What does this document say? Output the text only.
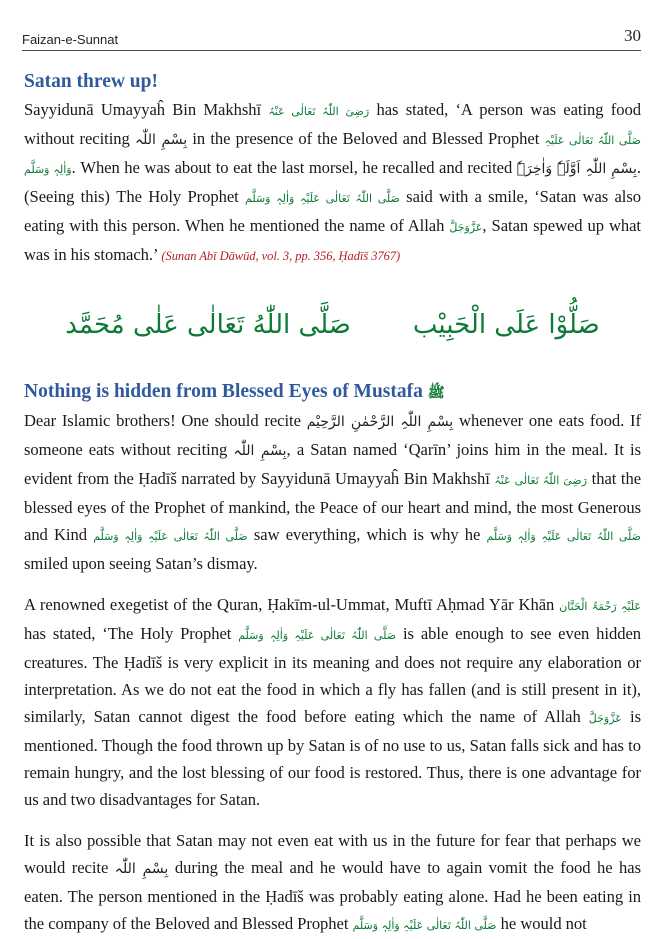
Faizan-e-Sunnat	30
Satan threw up!

Sayyidunā Umayyaĥ Bin Makhshī رَضِیَ اللّٰہُ تَعَالٰی عَنْہُ has stated, ‘A person was eating food without reciting بِسْمِ اللّٰہ in the presence of the Beloved and Blessed Prophet صَلَّی اللّٰہُ تَعَالٰی عَلَیْہِ وَاٰلِہٖ وَسَلَّم. When he was about to eat the last morsel, he recalled and recited بِسْمِ اللّٰہِ اَوَّلَہٗ وَاٰخِرَہٗ. (Seeing this) The Holy Prophet صَلَّی اللّٰہُ تَعَالٰی عَلَیْہِ وَاٰلِہٖ وَسَلَّم said with a smile, ‘Satan was also eating with this person. When he mentioned the name of Allah عَزَّوَجَلَّ, Satan spewed up what was in his stomach.’ (Sunan Abī Dāwūd, vol. 3, pp. 356, Ḥadīš 3767)

صَلُّوْا عَلَى الْحَبِيْب
صَلَّى اللّٰهُ تَعَالٰى عَلٰى مُحَمَّد
Nothing is hidden from Blessed Eyes of Mustafa ﷺ

Dear Islamic brothers! One should recite بِسْمِ اللّٰہِ الرَّحْمٰنِ الرَّحِیْم whenever one eats food. If someone eats without reciting بِسْمِ اللّٰہ, a Satan named ‘Qarīn’ joins him in the meal. It is evident from the Ḥadīš narrated by Sayyidunā Umayyaĥ Bin Makhshī رَضِیَ اللّٰہُ تَعَالٰی عَنْہُ that the blessed eyes of the Prophet of mankind, the Peace of our heart and mind, the most Generous and Kind صَلَّی اللّٰہُ تَعَالٰی عَلَیْہِ وَاٰلِہٖ وَسَلَّم saw everything, which is why he صَلَّی اللّٰہُ تَعَالٰی عَلَیْہِ وَاٰلِہٖ وَسَلَّم smiled upon seeing Satan’s dismay.

A renowned exegetist of the Quran, Ḥakīm-ul-Ummat, Muftī Aḥmad Yār Khān عَلَیْہِ رَحْمَۃُ الْحَنَّان has stated, ‘The Holy Prophet صَلَّی اللّٰہُ تَعَالٰی عَلَیْہِ وَاٰلِہٖ وَسَلَّم is able enough to see even hidden creatures. The Ḥadīš is very explicit in its meaning and does not require any elaboration or interpretation. As we do not eat the food in which a fly has fallen (and is still present in it), similarly, Satan cannot digest the food before eating which the name of Allah عَزَّوَجَلَّ is mentioned. Though the food thrown up by Satan is of no use to us, Satan falls sick and has to remain hungry, and the lost blessing of our food is restored. Thus, there is one advantage for us and two disadvantages for Satan.

It is also possible that Satan may not even eat with us in the future for fear that perhaps we would recite بِسْمِ اللّٰہ during the meal and he would have to again vomit the food he has eaten. The person mentioned in the Ḥadīš was probably eating alone. Had he been eating in the company of the Beloved and Blessed Prophet صَلَّی اللّٰہُ تَعَالٰی عَلَیْہِ وَاٰلِہٖ وَسَلَّم he would not
